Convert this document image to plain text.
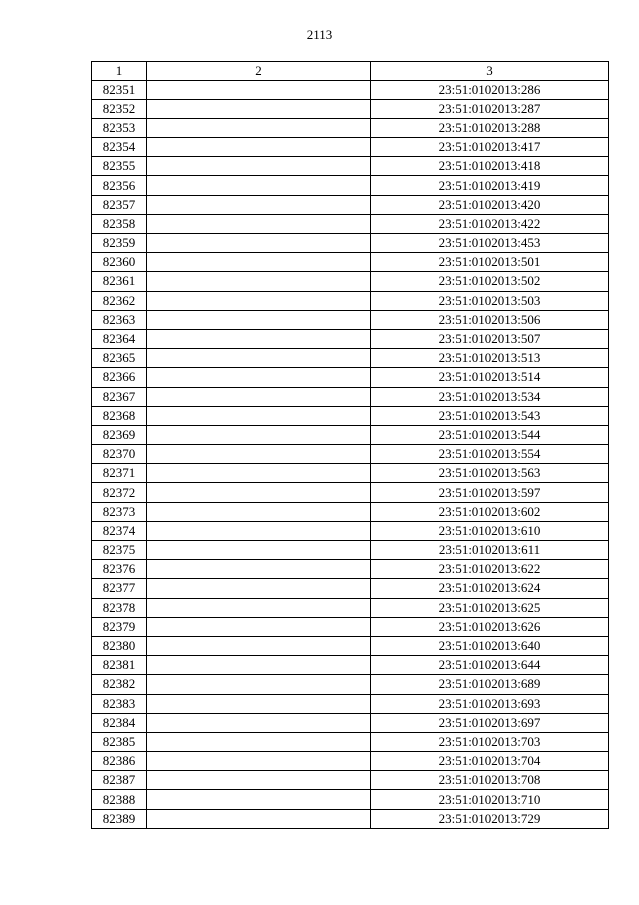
2113
1	2	3
82351		23:51:0102013:286
82352		23:51:0102013:287
82353		23:51:0102013:288
82354		23:51:0102013:417
82355		23:51:0102013:418
82356		23:51:0102013:419
82357		23:51:0102013:420
82358		23:51:0102013:422
82359		23:51:0102013:453
82360		23:51:0102013:501
82361		23:51:0102013:502
82362		23:51:0102013:503
82363		23:51:0102013:506
82364		23:51:0102013:507
82365		23:51:0102013:513
82366		23:51:0102013:514
82367		23:51:0102013:534
82368		23:51:0102013:543
82369		23:51:0102013:544
82370		23:51:0102013:554
82371		23:51:0102013:563
82372		23:51:0102013:597
82373		23:51:0102013:602
82374		23:51:0102013:610
82375		23:51:0102013:611
82376		23:51:0102013:622
82377		23:51:0102013:624
82378		23:51:0102013:625
82379		23:51:0102013:626
82380		23:51:0102013:640
82381		23:51:0102013:644
82382		23:51:0102013:689
82383		23:51:0102013:693
82384		23:51:0102013:697
82385		23:51:0102013:703
82386		23:51:0102013:704
82387		23:51:0102013:708
82388		23:51:0102013:710
82389		23:51:0102013:729
